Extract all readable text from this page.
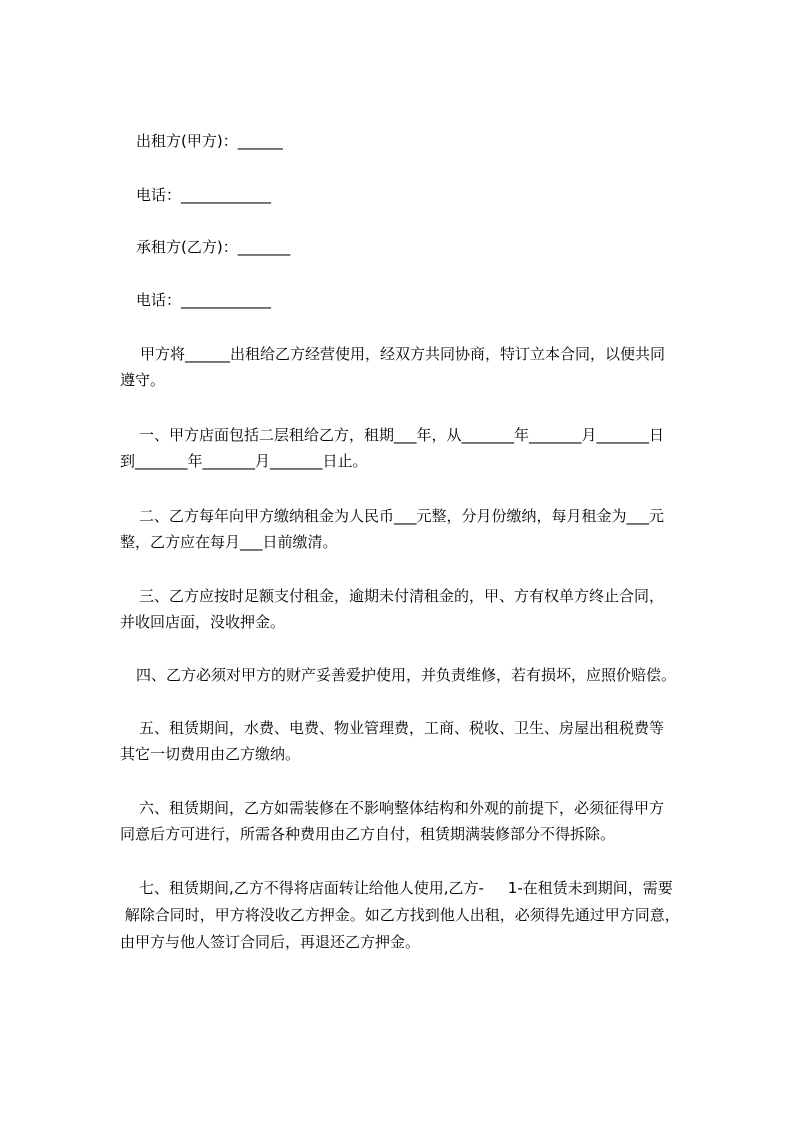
出租方(甲方)：______
电话：____________
承租方(乙方)：_______
电话：____________
甲方将______出租给乙方经营使用，经双方共同协商，特订立本合同，以便共同
遵守。
一、甲方店面包括二层租给乙方，租期___年，从_______年_______月_______日
到_______年_______月_______日止。
二、乙方每年向甲方缴纳租金为人民币___元整，分月份缴纳，每月租金为___元
整，乙方应在每月___日前缴清。
三、乙方应按时足额支付租金，逾期未付清租金的，甲、方有权单方终止合同，
并收回店面，没收押金。
四、乙方必须对甲方的财产妥善爱护使用，并负责维修，若有损坏，应照价赔偿。
五、租赁期间，水费、电费、物业管理费，工商、税收、卫生、房屋出租税费等
其它一切费用由乙方缴纳。
六、租赁期间，乙方如需装修在不影响整体结构和外观的前提下，必须征得甲方
同意后方可进行，所需各种费用由乙方自付，租赁期满装修部分不得拆除。
七、租赁期间,乙方不得将店面转让给他人使用,乙方-     1-在租赁未到期间，需要
解除合同时，甲方将没收乙方押金。如乙方找到他人出租，必须得先通过甲方同意，
由甲方与他人签订合同后，再退还乙方押金。
